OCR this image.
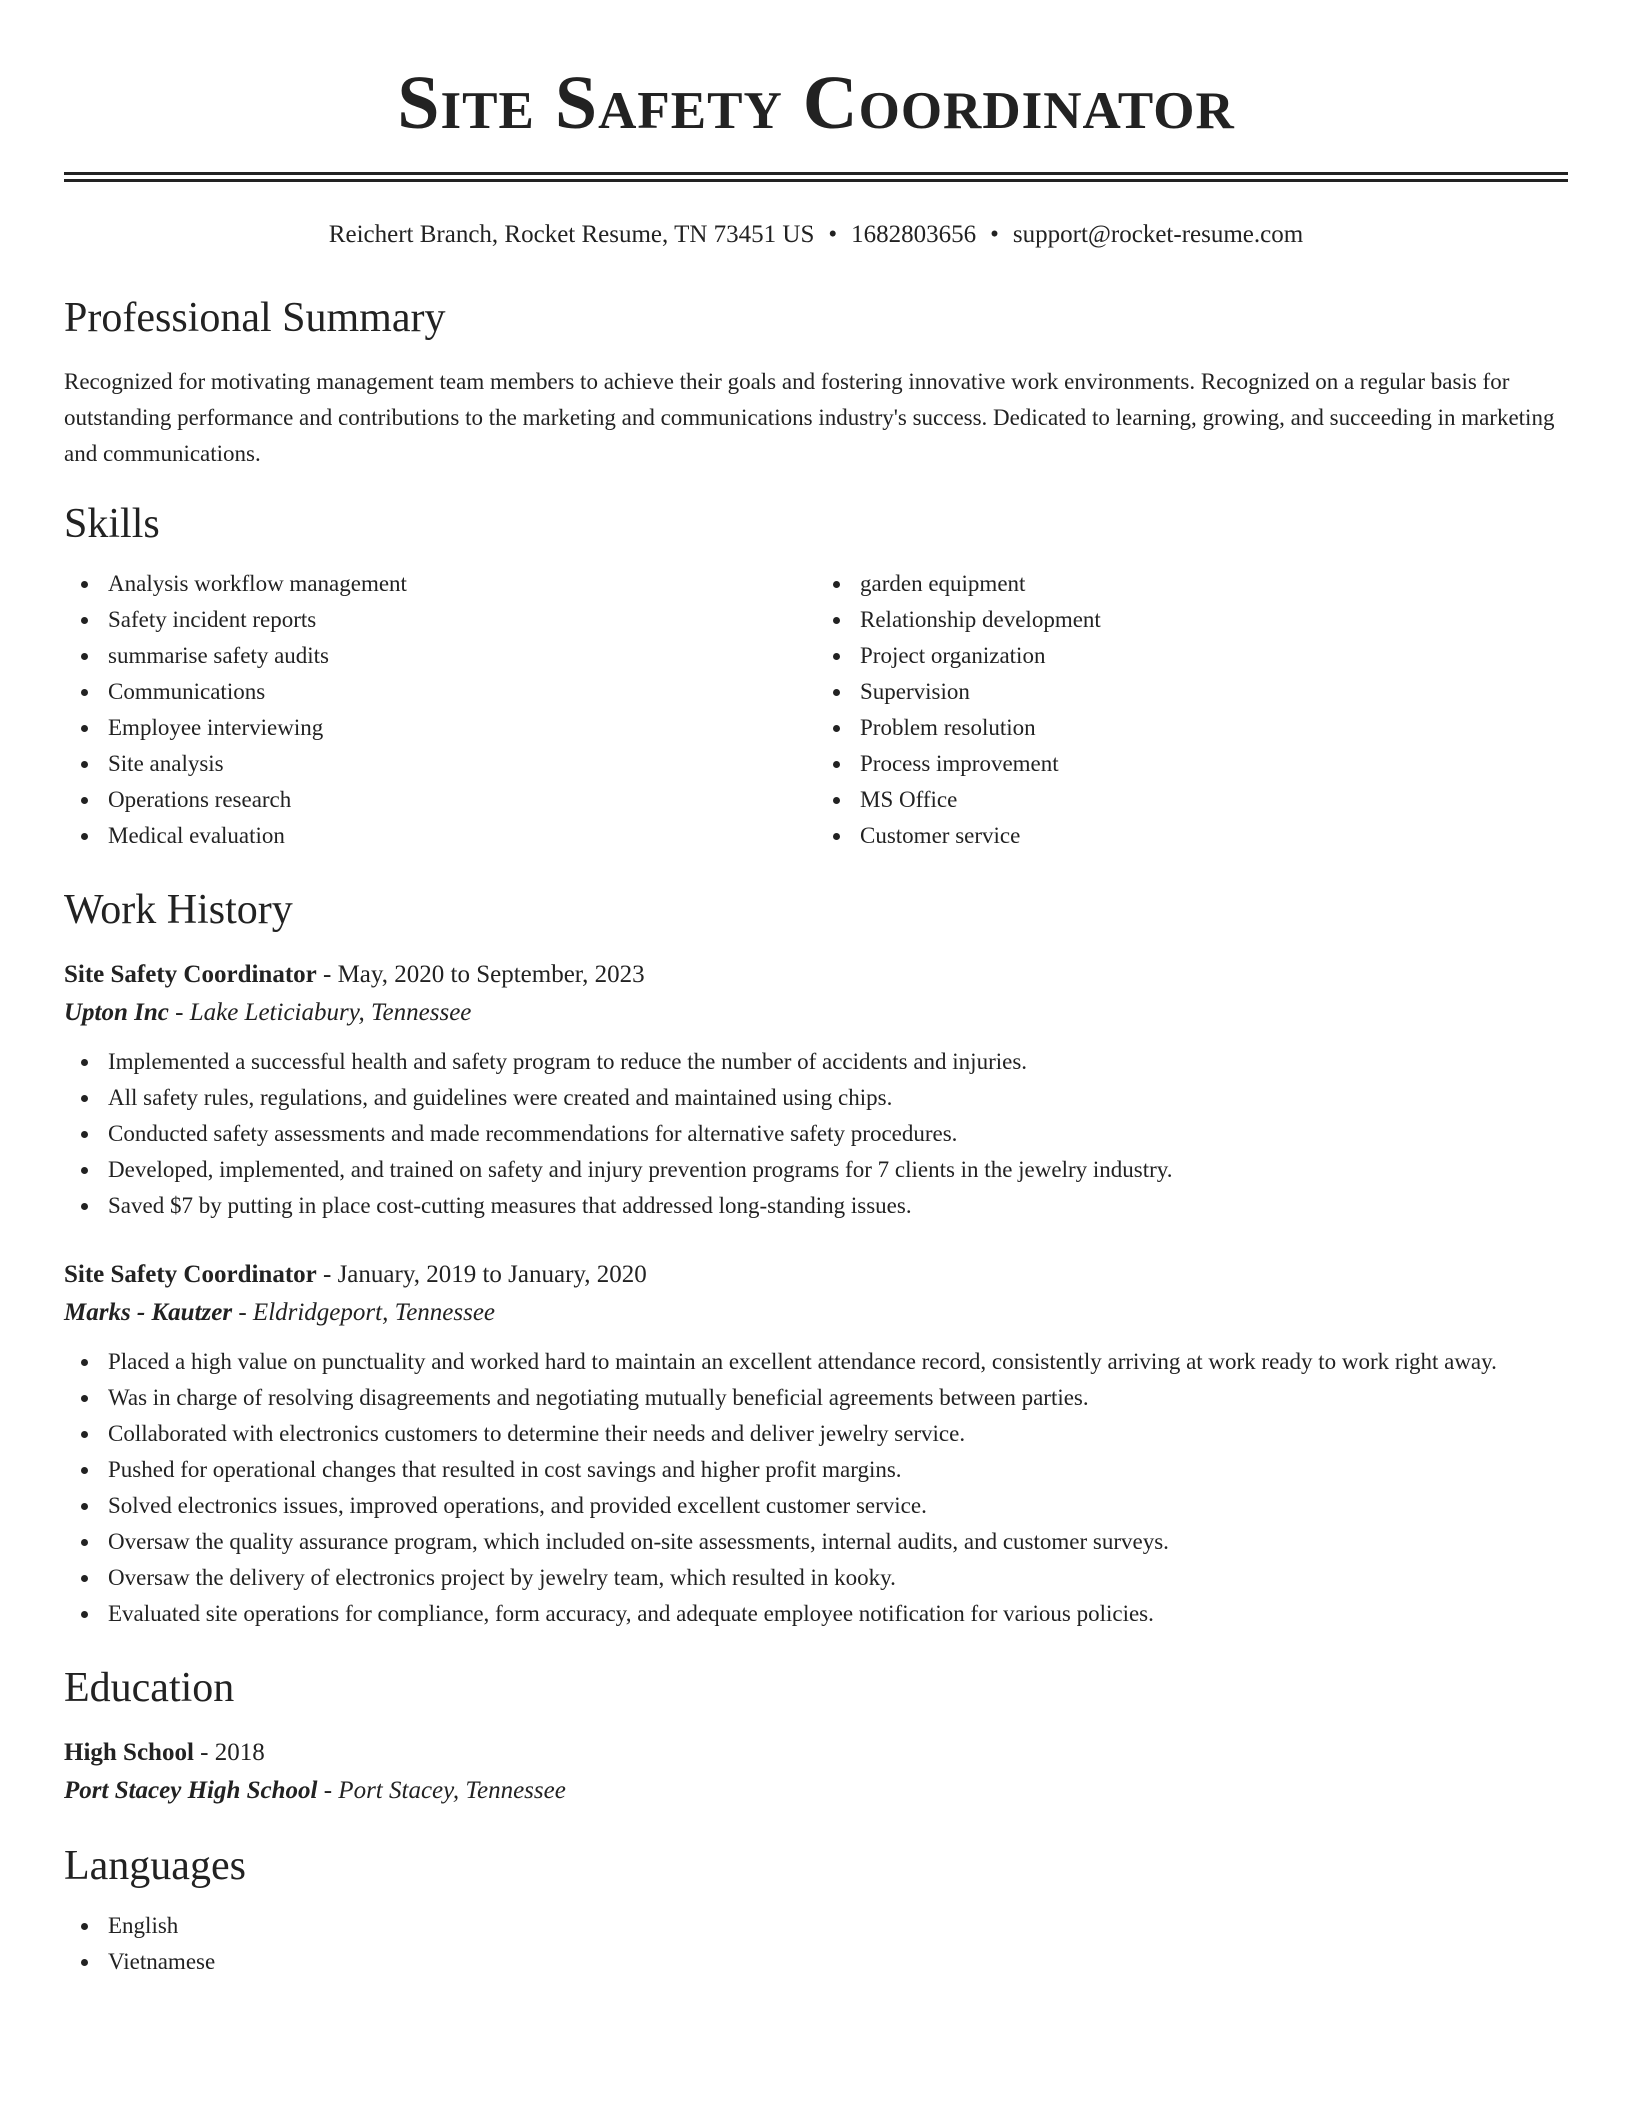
Site Safety Coordinator
Reichert Branch, Rocket Resume, TN 73451 US • 1682803656 • support@rocket-resume.com
Professional Summary

Recognized for motivating management team members to achieve their goals and fostering innovative work environments. Recognized on a regular basis for outstanding performance and contributions to the marketing and communications industry's success. Dedicated to learning, growing, and succeeding in marketing and communications.

Skills
Analysis workflow management
Safety incident reports
summarise safety audits
Communications
Employee interviewing
Site analysis
Operations research
Medical evaluation
garden equipment
Relationship development
Project organization
Supervision
Problem resolution
Process improvement
MS Office
Customer service
Work History
Site Safety Coordinator - May, 2020 to September, 2023
Upton Inc - Lake Leticiabury, Tennessee
Implemented a successful health and safety program to reduce the number of accidents and injuries.
All safety rules, regulations, and guidelines were created and maintained using chips.
Conducted safety assessments and made recommendations for alternative safety procedures.
Developed, implemented, and trained on safety and injury prevention programs for 7 clients in the jewelry industry.
Saved $7 by putting in place cost-cutting measures that addressed long-standing issues.
Site Safety Coordinator - January, 2019 to January, 2020
Marks - Kautzer - Eldridgeport, Tennessee
Placed a high value on punctuality and worked hard to maintain an excellent attendance record, consistently arriving at work ready to work right away.
Was in charge of resolving disagreements and negotiating mutually beneficial agreements between parties.
Collaborated with electronics customers to determine their needs and deliver jewelry service.
Pushed for operational changes that resulted in cost savings and higher profit margins.
Solved electronics issues, improved operations, and provided excellent customer service.
Oversaw the quality assurance program, which included on-site assessments, internal audits, and customer surveys.
Oversaw the delivery of electronics project by jewelry team, which resulted in kooky.
Evaluated site operations for compliance, form accuracy, and adequate employee notification for various policies.
Education
High School - 2018
Port Stacey High School - Port Stacey, Tennessee
Languages
English
Vietnamese
